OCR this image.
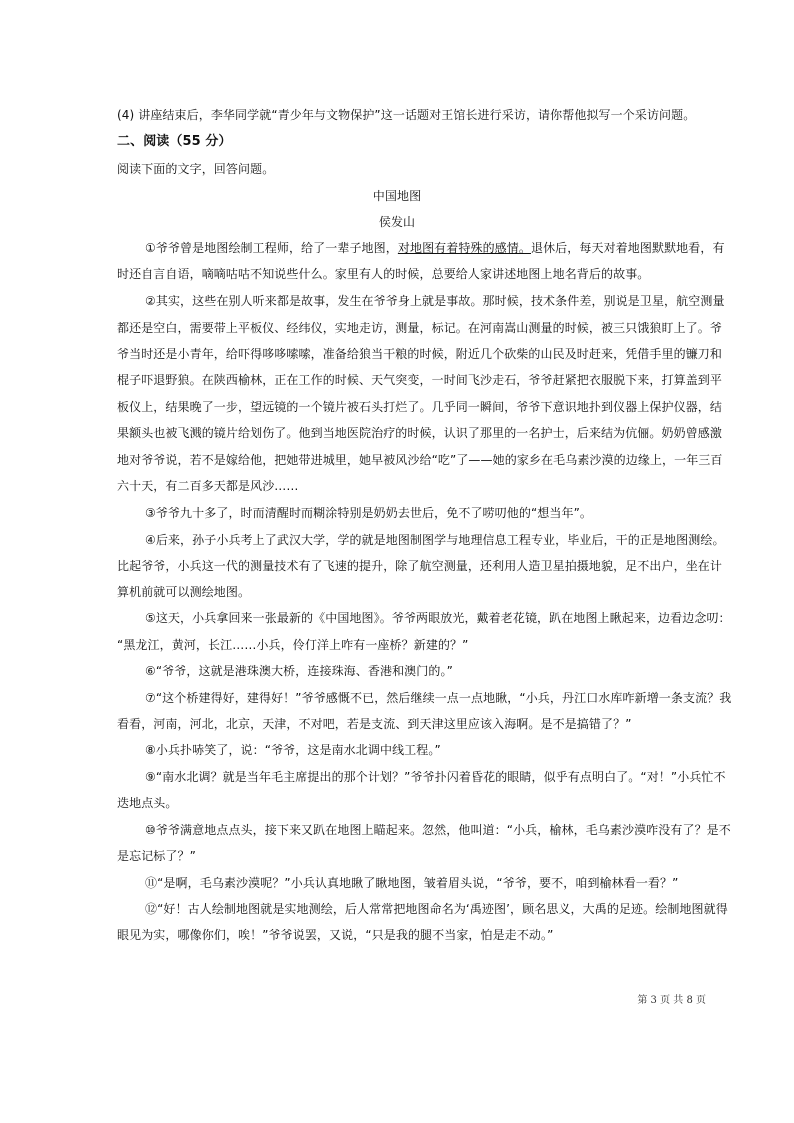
(4) 讲座结束后，李华同学就“青少年与文物保护”这一话题对王馆长进行采访，请你帮他拟写一个采访问题。
二、阅读（55 分）
阅读下面的文字，回答问题。
中国地图
侯发山
①爷爷曾是地图绘制工程师，给了一辈子地图，对地图有着特殊的感情。退休后，每天对着地图默默地看，有
时还自言自语，嘀嘀咕咕不知说些什么。家里有人的时候，总要给人家讲述地图上地名背后的故事。
②其实，这些在别人听来都是故事，发生在爷爷身上就是事故。那时候，技术条件差，别说是卫星，航空测量
都还是空白，需要带上平板仪、经纬仪，实地走访，测量，标记。在河南嵩山测量的时候，被三只饿狼盯上了。爷
爷当时还是小青年，给吓得哆哆嗦嗦，准备给狼当干粮的时候，附近几个砍柴的山民及时赶来，凭借手里的镰刀和
棍子吓退野狼。在陕西榆林，正在工作的时候、天气突变，一时间飞沙走石，爷爷赶紧把衣服脱下来，打算盖到平
板仪上，结果晚了一步，望远镜的一个镜片被石头打烂了。几乎同一瞬间，爷爷下意识地扑到仪器上保护仪器，结
果额头也被飞溅的镜片给划伤了。他到当地医院治疗的时候，认识了那里的一名护士，后来结为伉俪。奶奶曾感激
地对爷爷说，若不是嫁给他，把她带进城里，她早被风沙给“吃”了——她的家乡在毛乌素沙漠的边缘上，一年三百
六十天，有二百多天都是风沙……
③爷爷九十多了，时而清醒时而糊涂特别是奶奶去世后，免不了唠叨他的“想当年”。
④后来，孙子小兵考上了武汉大学，学的就是地图制图学与地理信息工程专业，毕业后，干的正是地图测绘。
比起爷爷，小兵这一代的测量技术有了飞速的提升，除了航空测量，还利用人造卫星拍摄地貌，足不出户，坐在计
算机前就可以测绘地图。
⑤这天，小兵拿回来一张最新的《中国地图》。爷爷两眼放光，戴着老花镜，趴在地图上瞅起来，边看边念叨：
“黑龙江，黄河，长江……小兵，伶仃洋上咋有一座桥？新建的？”
⑥“爷爷，这就是港珠澳大桥，连接珠海、香港和澳门的。”
⑦“这个桥建得好，建得好！”爷爷感慨不已，然后继续一点一点地瞅，“小兵，丹江口水库咋新增一条支流？我
看看，河南，河北，北京，天津，不对吧，若是支流、到天津这里应该入海啊。是不是搞错了？”
⑧小兵扑哧笑了，说：“爷爷，这是南水北调中线工程。”
⑨“南水北调？就是当年毛主席提出的那个计划？”爷爷扑闪着昏花的眼睛，似乎有点明白了。“对！”小兵忙不
迭地点头。
⑩爷爷满意地点点头，接下来又趴在地图上瞄起来。忽然，他叫道：“小兵，榆林，毛乌素沙漠咋没有了？是不
是忘记标了？”
⑪“是啊，毛乌素沙漠呢？”小兵认真地瞅了瞅地图，皱着眉头说，“爷爷，要不，咱到榆林看一看？”
⑫“好！古人绘制地图就是实地测绘，后人常常把地图命名为‘禹迹图’，顾名思义，大禹的足迹。绘制地图就得
眼见为实，哪像你们，唉！”爷爷说罢，又说，“只是我的腿不当家，怕是走不动。”
第 3 页 共 8 页
